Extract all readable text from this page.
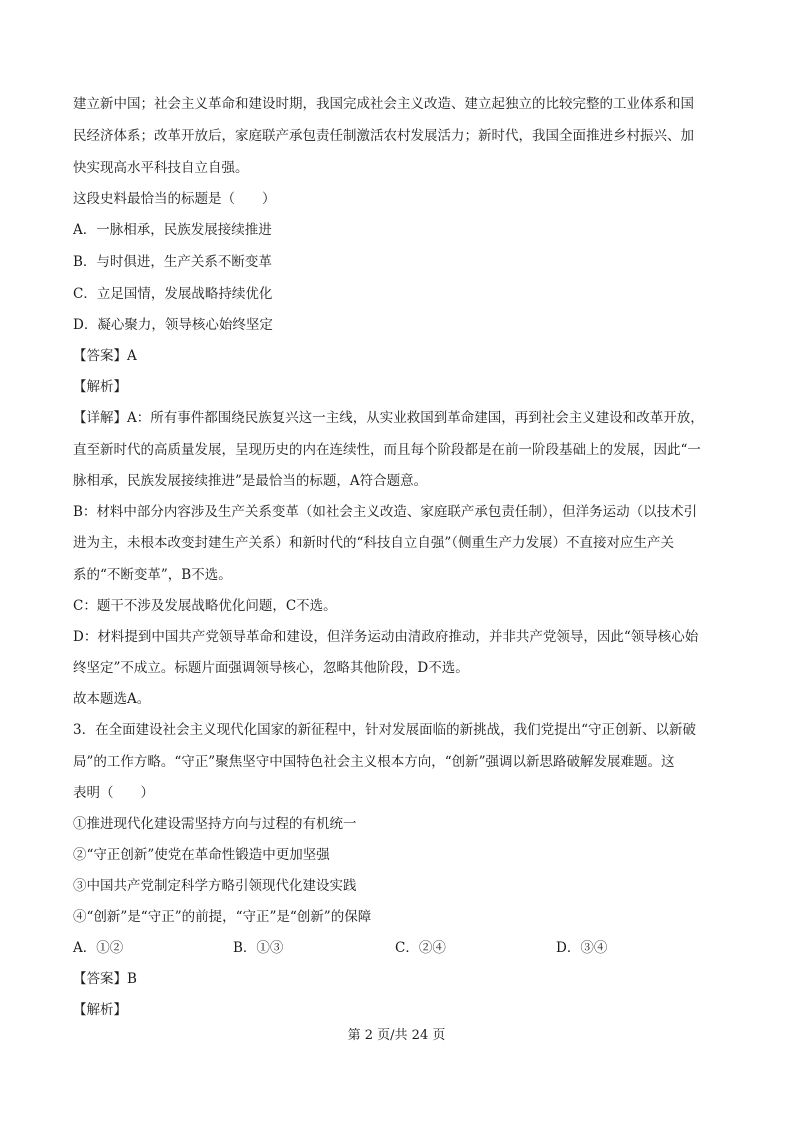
建立新中国；社会主义革命和建设时期，我国完成社会主义改造、建立起独立的比较完整的工业体系和国
民经济体系；改革开放后，家庭联产承包责任制激活农村发展活力；新时代，我国全面推进乡村振兴、加
快实现高水平科技自立自强。
这段史料最恰当的标题是（　　）
A．一脉相承，民族发展接续推进
B．与时俱进，生产关系不断变革
C．立足国情，发展战略持续优化
D．凝心聚力，领导核心始终坚定
【答案】A
【解析】
【详解】A：所有事件都围绕民族复兴这一主线，从实业救国到革命建国，再到社会主义建设和改革开放，
直至新时代的高质量发展，呈现历史的内在连续性，而且每个阶段都是在前一阶段基础上的发展，因此“一
脉相承，民族发展接续推进”是最恰当的标题，A符合题意。
B：材料中部分内容涉及生产关系变革（如社会主义改造、家庭联产承包责任制），但洋务运动（以技术引
进为主，未根本改变封建生产关系）和新时代的“科技自立自强”（侧重生产力发展）不直接对应生产关
系的“不断变革”，B不选。
C：题干不涉及发展战略优化问题，C不选。
D：材料提到中国共产党领导革命和建设，但洋务运动由清政府推动，并非共产党领导，因此“领导核心始
终坚定”不成立。标题片面强调领导核心，忽略其他阶段，D不选。
故本题选A。
3．在全面建设社会主义现代化国家的新征程中，针对发展面临的新挑战，我们党提出“守正创新、以新破
局”的工作方略。“守正”聚焦坚守中国特色社会主义根本方向，“创新”强调以新思路破解发展难题。这
表明（　　）
①推进现代化建设需坚持方向与过程的有机统一
②“守正创新”使党在革命性锻造中更加坚强
③中国共产党制定科学方略引领现代化建设实践
④“创新”是“守正”的前提，“守正”是“创新”的保障
A．①②	B．①③	C．②④	D．③④
【答案】B
【解析】
第 2 页/共 24 页
